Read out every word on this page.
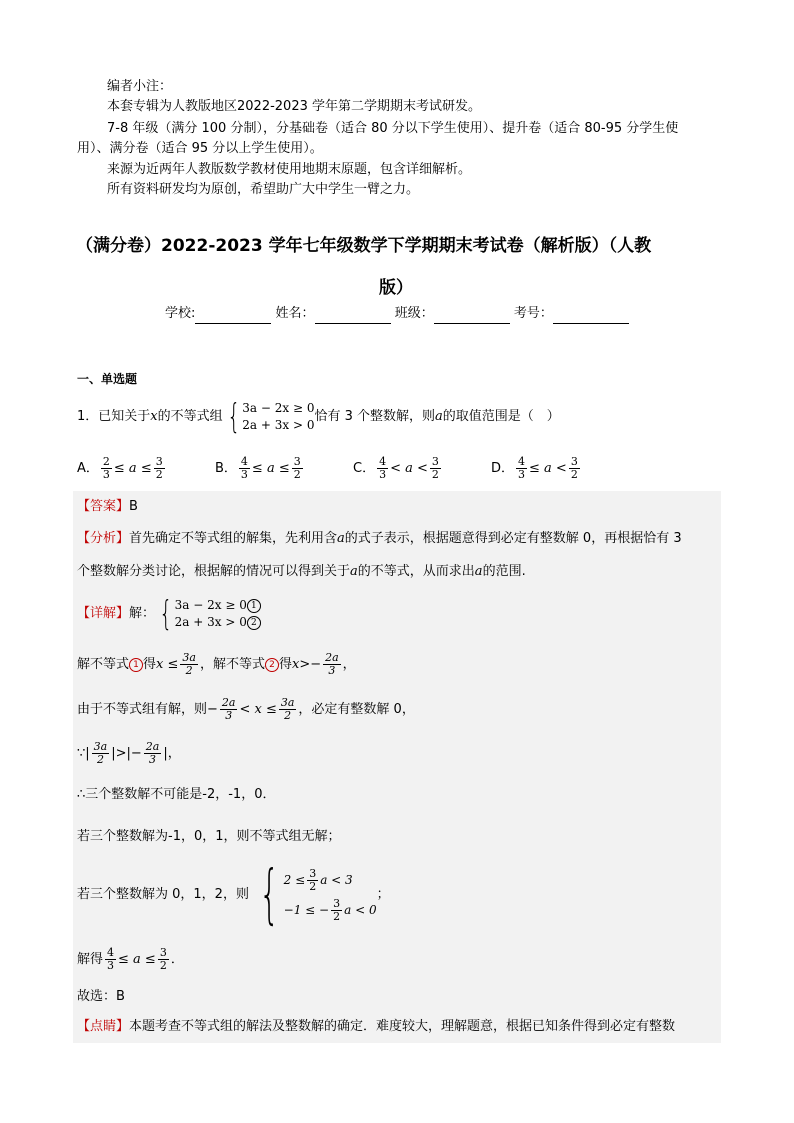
编者小注：
本套专辑为人教版地区2022-2023 学年第二学期期末考试研发。
7-8 年级（满分 100 分制），分基础卷（适合 80 分以下学生使用）、提升卷（适合 80-95 分学生使
用）、满分卷（适合 95 分以上学生使用）。
来源为近两年人教版数学教材使用地期末原题，包含详细解析。
所有资料研发均为原创，希望助广大中学生一臂之力。
（满分卷）2022-2023 学年七年级数学下学期期末考试卷（解析版）（人教
版）
学校:	姓名：	班级：	考号：
一、单选题
1．已知关于 x 的不等式组 { 3a − 2x ≥ 0
2a + 3x > 0
恰有 3 个整数解，则 a 的取值范围是（　）
A． $\frac{2}{3} \le a \le \frac{3}{2}$	B． $\frac{4}{3} \le a \le \frac{3}{2}$	C． $\frac{4}{3} < a < \frac{3}{2}$	D． $\frac{4}{3} \le a < \frac{3}{2}$
【答案】B
【分析】首先确定不等式组的解集，先利用含a的式子表示，根据题意得到必定有整数解 0，再根据恰有 3
个整数解分类讨论，根据解的情况可以得到关于a的不等式，从而求出a的范围.
【详解】 解： { 3a − 2x ≥ 0 1
2a + 3x > 0 2
解不等式 1 得 $x \le \frac{3a}{2}$ ，解不等式 2 得 $x>- \frac{2a}{3}$ ，
由于不等式组有解，则− $\frac{2a}{3} < x \le \frac{3a}{2}$ ，必定有整数解 0，
∵| $\frac{3a}{2}$ |>|− $\frac{2a}{3}$ |，
∴三个整数解不可能是-2，-1，0．
若三个整数解为-1，0，1，则不等式组无解；
若三个整数解为 0，1，2，则 { $2 \le \frac{3}{2}$ a < 3
−1 ≤ − $\frac{3}{2}$ a < 0
；
解得 $\frac{4}{3} \le a \le \frac{3}{2}$ ．
故选：B
【点睛】本题考查不等式组的解法及整数解的确定．难度较大，理解题意，根据已知条件得到必定有整数
